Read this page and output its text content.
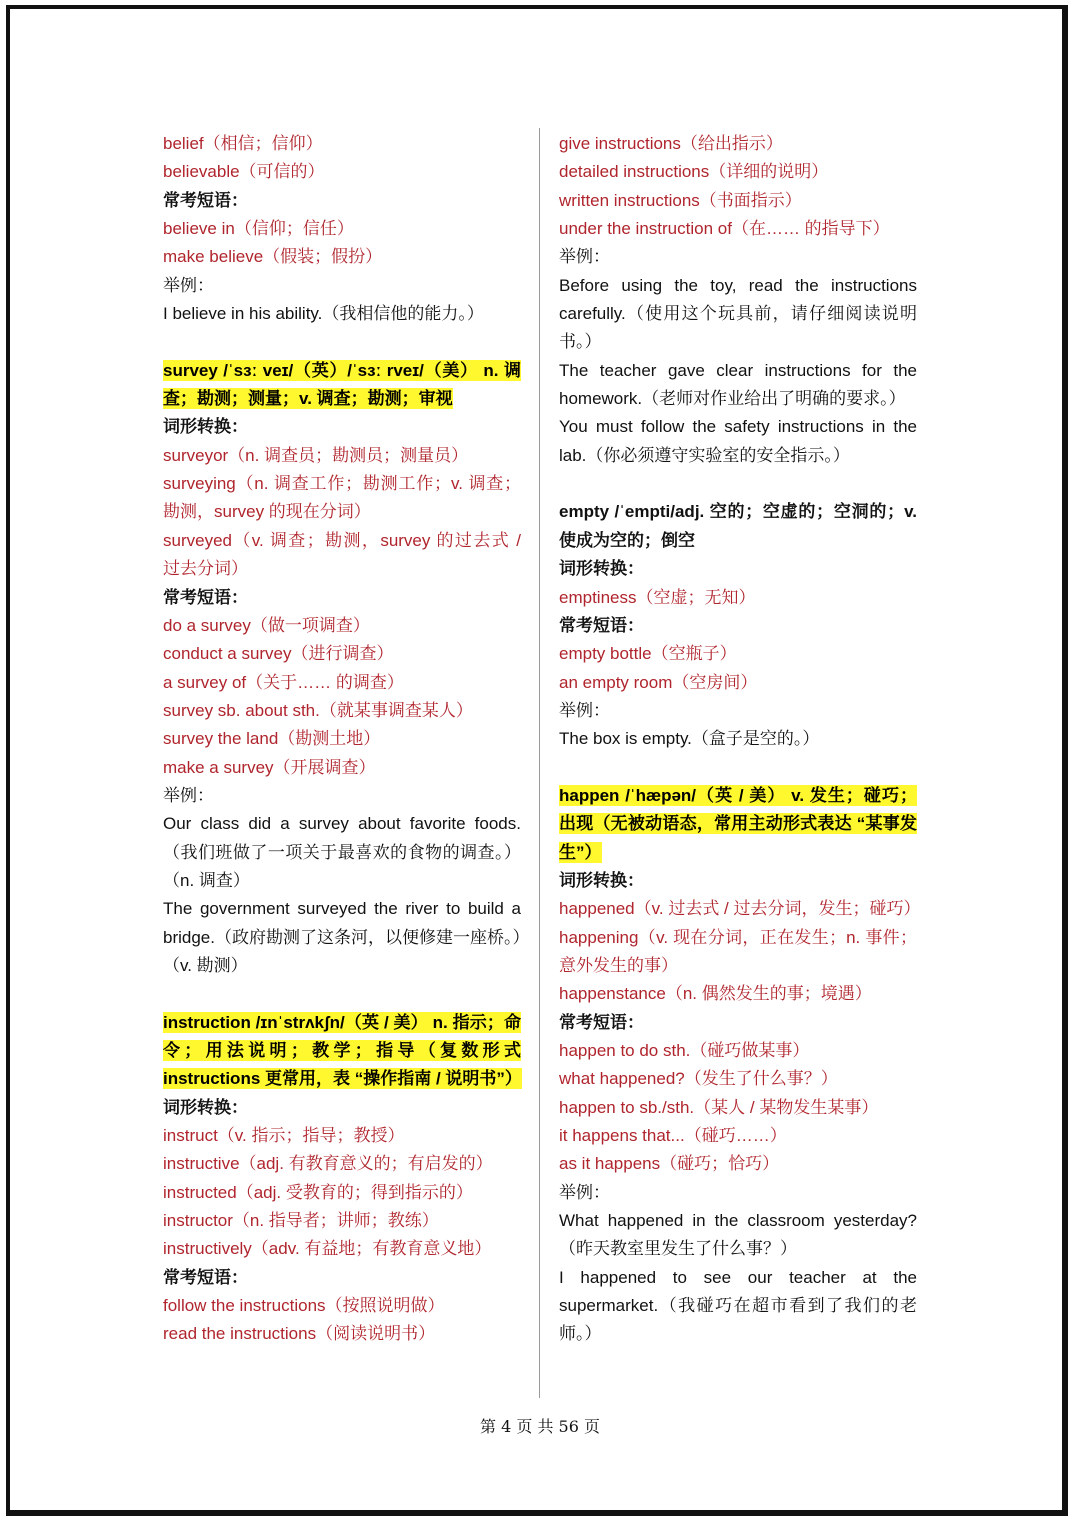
belief（相信；信仰）
believable（可信的）
常考短语：
believe in（信仰；信任）
make believe（假装；假扮）
举例：
I believe in his ability.（我相信他的能力。）
survey /ˈsɜː veɪ/（英）/ˈsɜː rveɪ/（美） n. 调查；勘测；测量；v. 调查；勘测；审视
词形转换：
surveyor（n. 调查员；勘测员；测量员）
surveying（n. 调查工作；勘测工作；v. 调查；勘测，survey 的现在分词）
surveyed（v. 调查；勘测，survey 的过去式 / 过去分词）
常考短语：
do a survey（做一项调查）
conduct a survey（进行调查）
a survey of（关于…… 的调查）
survey sb. about sth.（就某事调查某人）
survey the land（勘测土地）
make a survey（开展调查）
举例：
Our class did a survey about favorite foods.（我们班做了一项关于最喜欢的食物的调查。）（n. 调查）
The government surveyed the river to build a bridge.（政府勘测了这条河，以便修建一座桥。）（v. 勘测）
instruction /ɪnˈstrʌkʃn/（英 / 美） n. 指示；命令；用法说明；教学；指导（复数形式 instructions 更常用，表 “操作指南 / 说明书”）
词形转换：
instruct（v. 指示；指导；教授）
instructive（adj. 有教育意义的；有启发的）
instructed（adj. 受教育的；得到指示的）
instructor（n. 指导者；讲师；教练）
instructively（adv. 有益地；有教育意义地）
常考短语：
follow the instructions（按照说明做）
read the instructions（阅读说明书）
give instructions（给出指示）
detailed instructions（详细的说明）
written instructions（书面指示）
under the instruction of（在…… 的指导下）
举例：
Before using the toy, read the instructions carefully.（使用这个玩具前，请仔细阅读说明书。）
The teacher gave clear instructions for the homework.（老师对作业给出了明确的要求。）
You must follow the safety instructions in the lab.（你必须遵守实验室的安全指示。）
empty /ˈempti/adj. 空的；空虚的；空洞的；v. 使成为空的；倒空
词形转换：
emptiness（空虚；无知）
常考短语：
empty bottle（空瓶子）
an empty room（空房间）
举例：
The box is empty.（盒子是空的。）
happen /ˈhæpən/（英 / 美） v. 发生；碰巧；出现（无被动语态，常用主动形式表达 “某事发生”）
词形转换：
happened（v. 过去式 / 过去分词，发生；碰巧）
happening（v. 现在分词，正在发生；n. 事件；意外发生的事）
happenstance（n. 偶然发生的事；境遇）
常考短语：
happen to do sth.（碰巧做某事）
what happened?（发生了什么事？）
happen to sb./sth.（某人 / 某物发生某事）
it happens that...（碰巧……）
as it happens（碰巧；恰巧）
举例：
What happened in the classroom yesterday?（昨天教室里发生了什么事？）
I happened to see our teacher at the supermarket.（我碰巧在超市看到了我们的老师。）
第 4 页 共 56 页
